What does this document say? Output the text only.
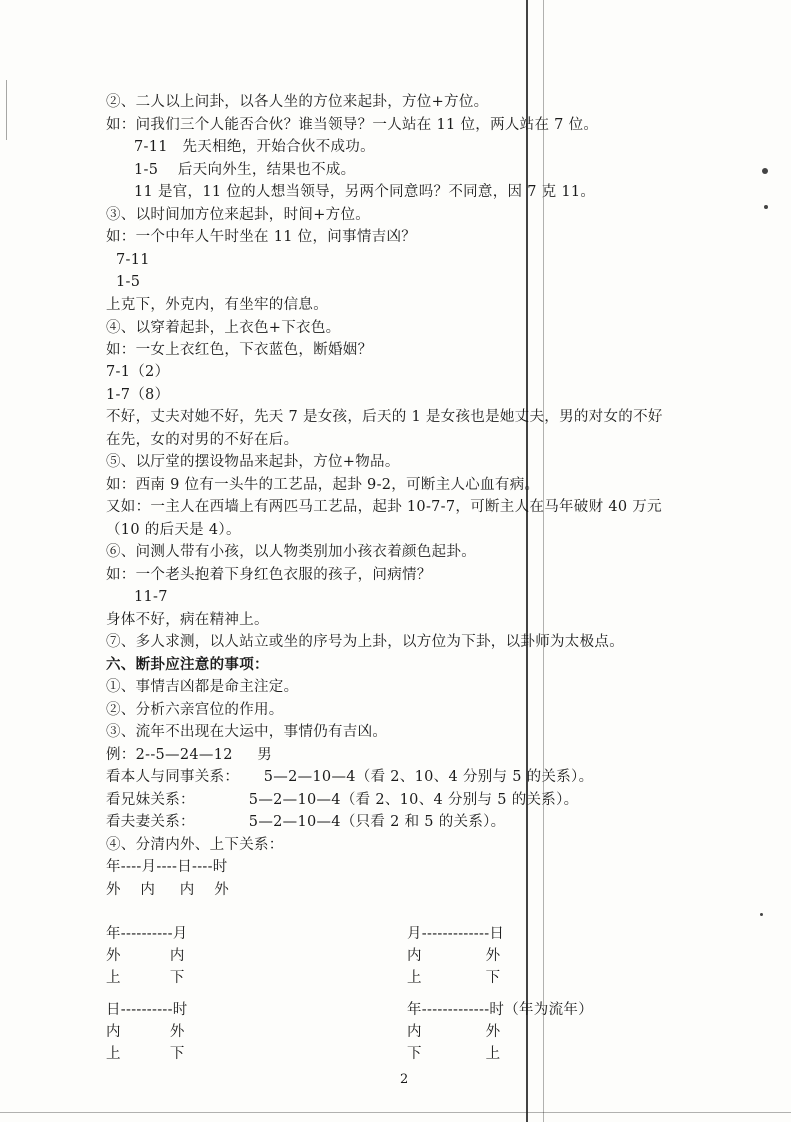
②、二人以上问卦，以各人坐的方位来起卦，方位+方位。
如：问我们三个人能否合伙？谁当领导？一人站在 11 位，两人站在 7 位。
7-11   先天相绝，开始合伙不成功。
1-5    后天向外生，结果也不成。
11 是官，11 位的人想当领导，另两个同意吗？不同意，因 7 克 11。
③、以时间加方位来起卦，时间+方位。
如：一个中年人午时坐在 11 位，问事情吉凶？
7-11
1-5
上克下，外克内，有坐牢的信息。
④、以穿着起卦，上衣色+下衣色。
如：一女上衣红色，下衣蓝色，断婚姻？
7-1（2）
1-7（8）
不好，丈夫对她不好，先天 7 是女孩，后天的 1 是女孩也是她丈夫，男的对女的不好
在先，女的对男的不好在后。
⑤、以厅堂的摆设物品来起卦，方位+物品。
如：西南 9 位有一头牛的工艺品，起卦 9-2，可断主人心血有病。
又如：一主人在西墙上有两匹马工艺品，起卦 10-7-7，可断主人在马年破财 40 万元
（10 的后天是 4）。
⑥、问测人带有小孩，以人物类别加小孩衣着颜色起卦。
如：一个老头抱着下身红色衣服的孩子，问病情？
11-7
身体不好，病在精神上。
⑦、多人求测，以人站立或坐的序号为上卦，以方位为下卦，以卦师为太极点。
六、断卦应注意的事项：
①、事情吉凶都是命主注定。
②、分析六亲宫位的作用。
③、流年不出现在大运中，事情仍有吉凶。
例：2--5—24—12     男
看本人与同事关系：     5—2—10—4（看 2、10、4 分别与 5 的关系）。
看兄妹关系：           5—2—10—4（看 2、10、4 分别与 5 的关系）。
看夫妻关系：           5—2—10—4（只看 2 和 5 的关系）。
④、分清内外、上下关系：
年----月----日----时
外    内     内    外
年----------月
外          内
上          下
月-------------日
内             外
上             下
日----------时
内          外
上          下
年-------------时（年为流年）
内             外
下             上
2
